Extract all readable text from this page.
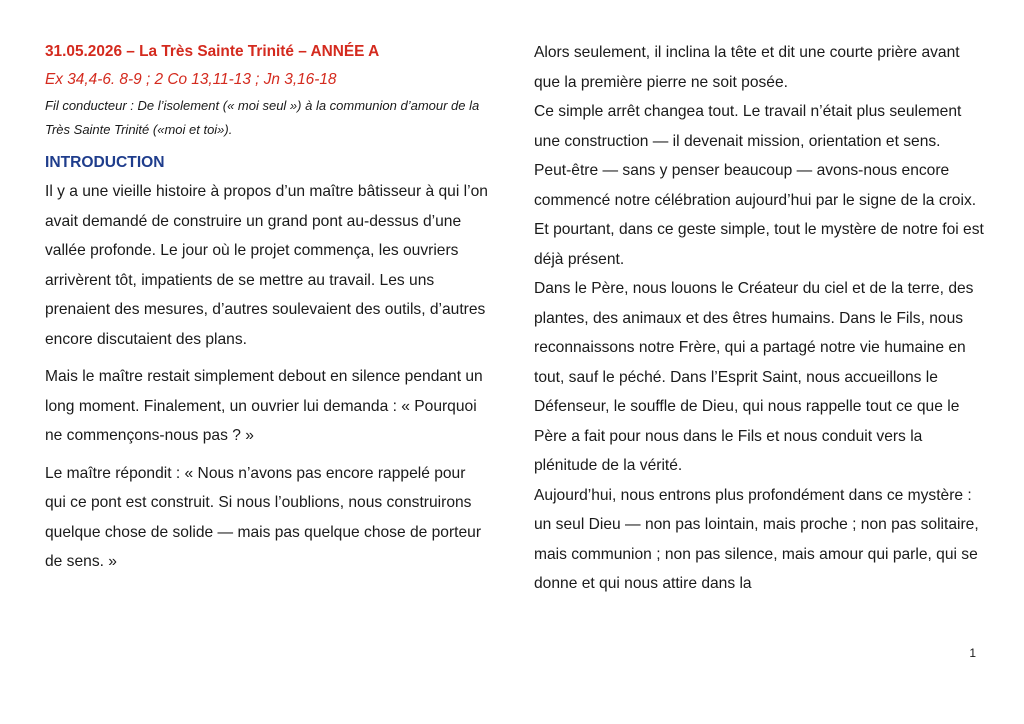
31.05.2026 – La Très Sainte Trinité – ANNÉE A
Ex 34,4-6. 8-9 ; 2 Co 13,11-13 ; Jn 3,16-18
Fil conducteur : De l’isolement (« moi seul ») à la communion d’amour de la Très Sainte Trinité («moi et toi»).
INTRODUCTION

Il y a une vieille histoire à propos d’un maître bâtisseur à qui l’on avait demandé de construire un grand pont au-dessus d’une vallée profonde. Le jour où le projet commença, les ouvriers arrivèrent tôt, impatients de se mettre au travail. Les uns prenaient des mesures, d’autres soulevaient des outils, d’autres encore discutaient des plans.

Mais le maître restait simplement debout en silence pendant un long moment. Finalement, un ouvrier lui demanda : « Pourquoi ne commençons-nous pas ? »

Le maître répondit : « Nous n’avons pas encore rappelé pour qui ce pont est construit. Si nous l’oublions, nous construirons quelque chose de solide — mais pas quelque chose de porteur de sens. »

Alors seulement, il inclina la tête et dit une courte prière avant que la première pierre ne soit posée.

Ce simple arrêt changea tout. Le travail n’était plus seulement une construction — il devenait mission, orientation et sens.

Peut-être — sans y penser beaucoup — avons-nous encore commencé notre célébration aujourd’hui par le signe de la croix. Et pourtant, dans ce geste simple, tout le mystère de notre foi est déjà présent.

Dans le Père, nous louons le Créateur du ciel et de la terre, des plantes, des animaux et des êtres humains. Dans le Fils, nous reconnaissons notre Frère, qui a partagé notre vie humaine en tout, sauf le péché. Dans l’Esprit Saint, nous accueillons le Défenseur, le souffle de Dieu, qui nous rappelle tout ce que le Père a fait pour nous dans le Fils et nous conduit vers la plénitude de la vérité.

Aujourd’hui, nous entrons plus profondément dans ce mystère : un seul Dieu — non pas lointain, mais proche ; non pas solitaire, mais communion ; non pas silence, mais amour qui parle, qui se donne et qui nous attire dans la

1
